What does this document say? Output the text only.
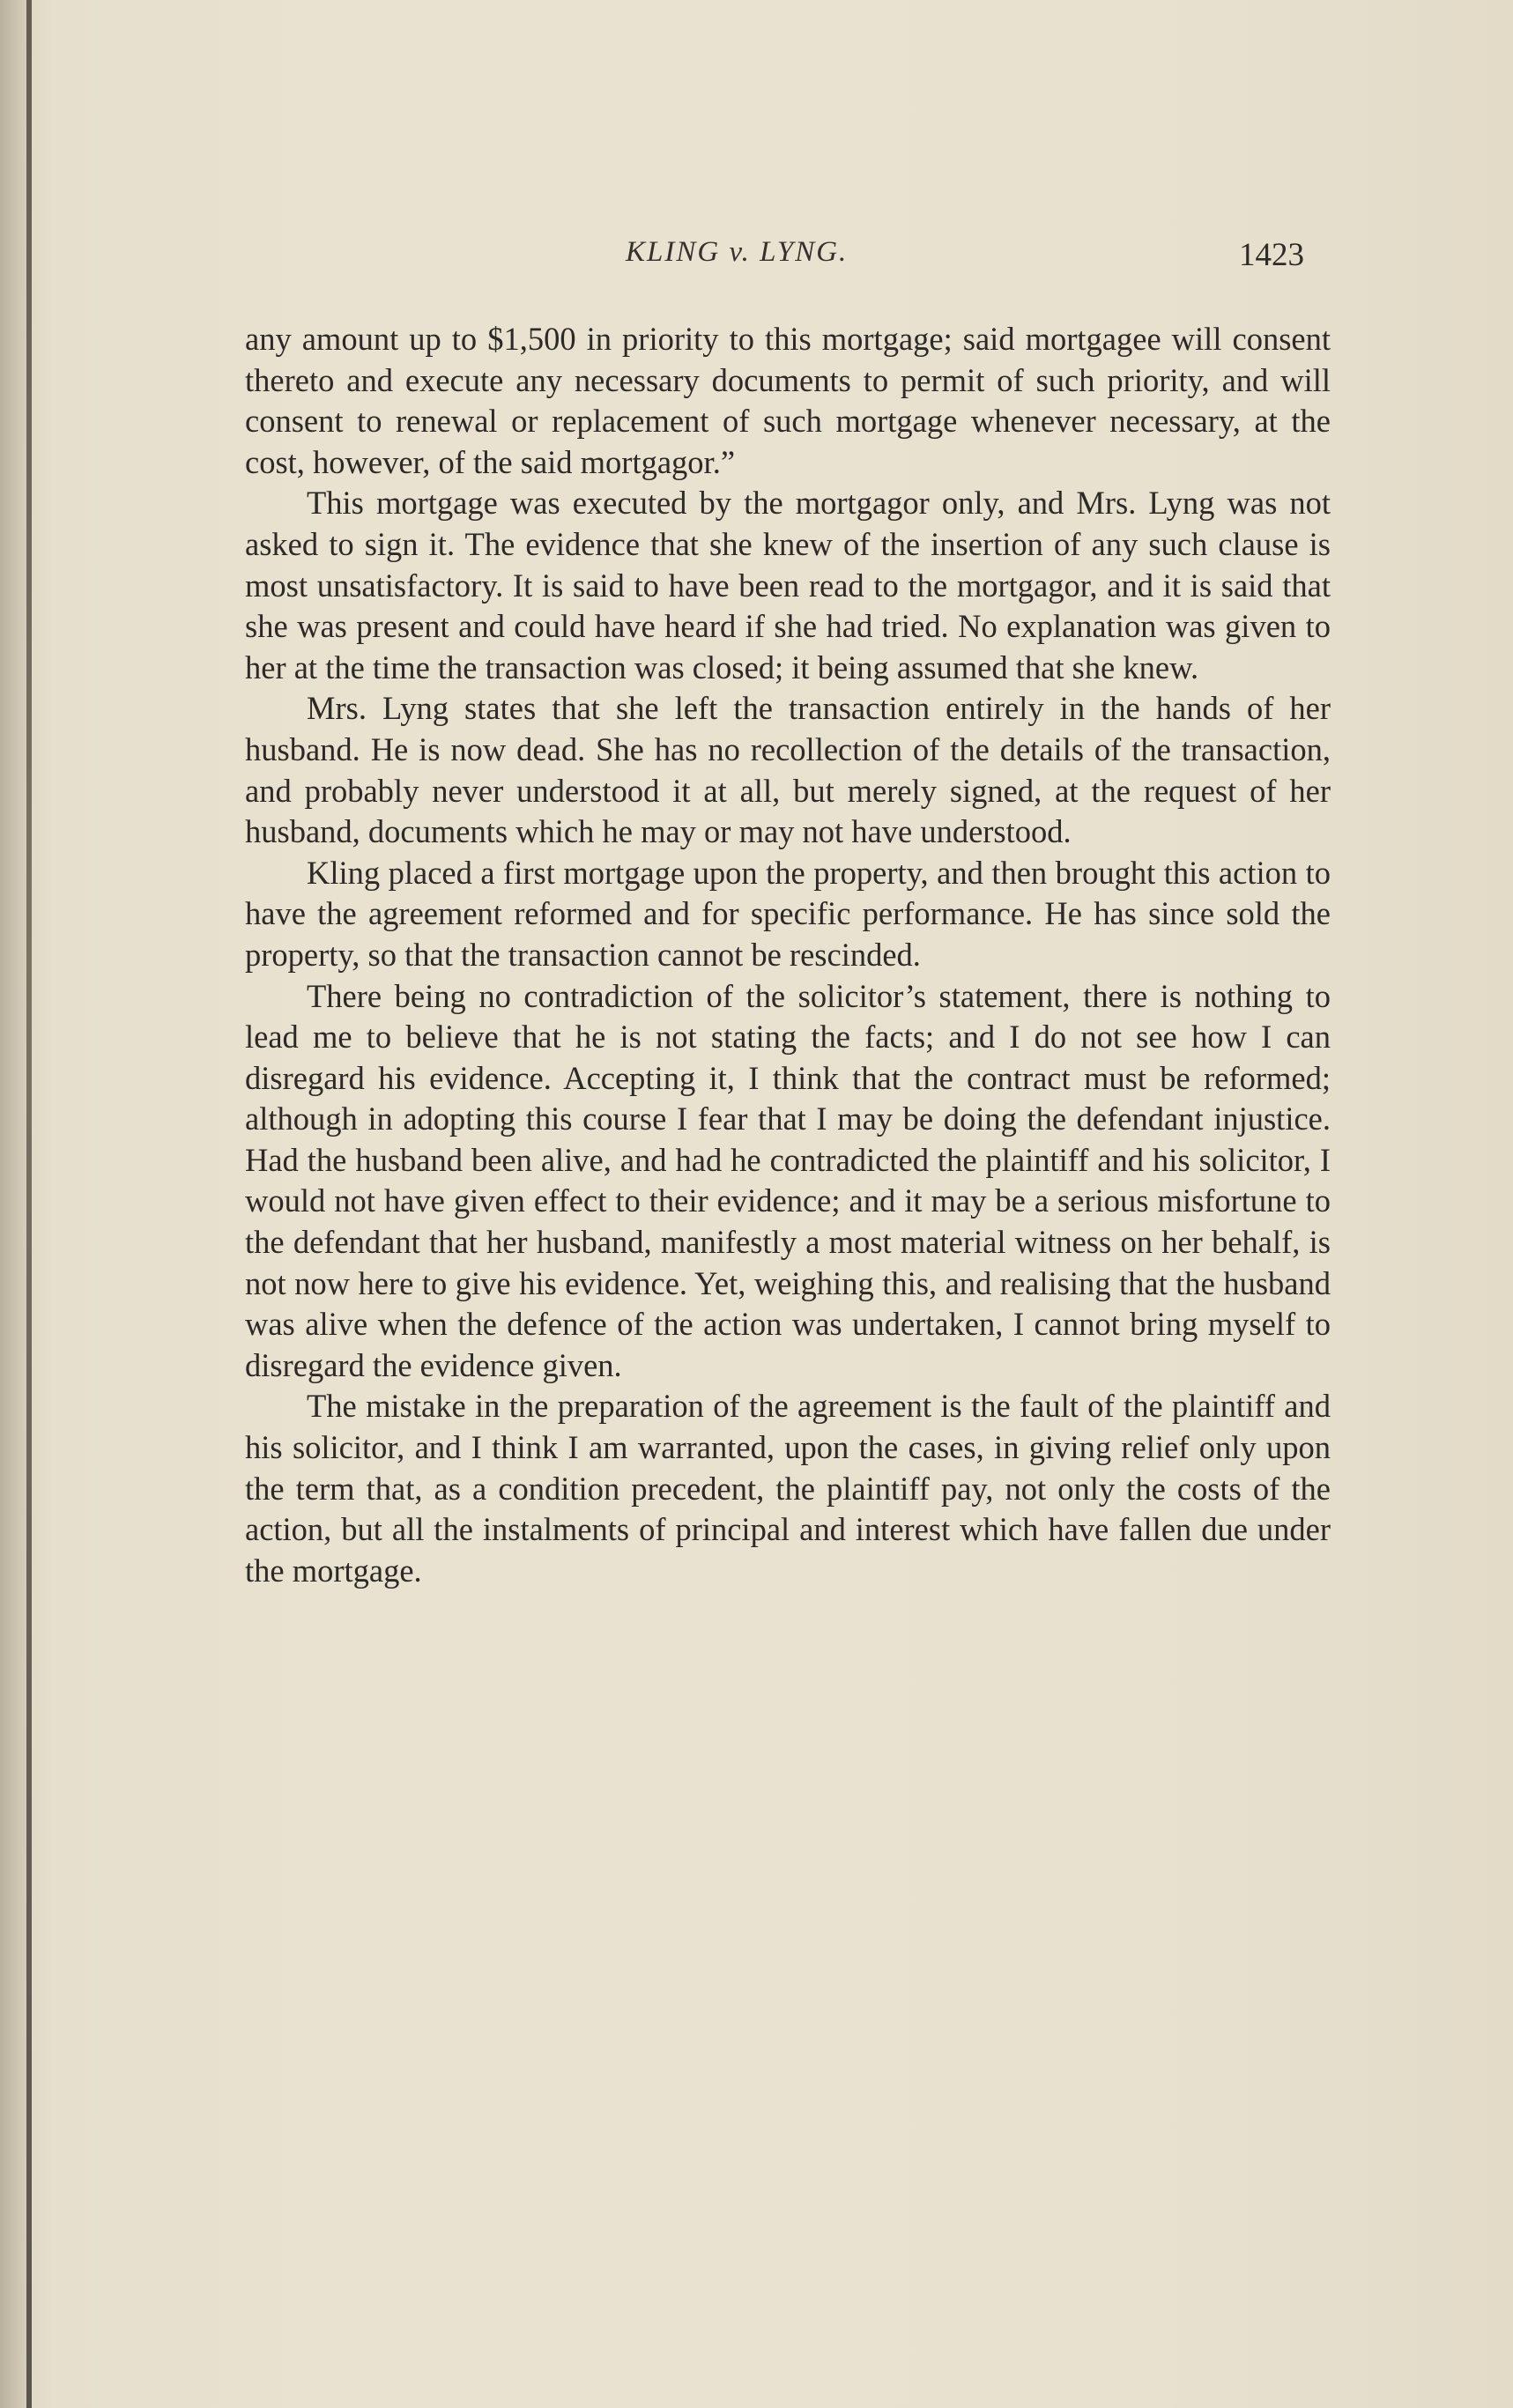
KLING v. LYNG.	1423

any amount up to $1,500 in priority to this mortgage; said mortgagee will consent thereto and execute any necessary documents to permit of such priority, and will consent to renewal or replacement of such mortgage whenever necessary, at the cost, however, of the said mortgagor.”

This mortgage was executed by the mortgagor only, and Mrs. Lyng was not asked to sign it. The evidence that she knew of the insertion of any such clause is most unsatisfactory. It is said to have been read to the mortgagor, and it is said that she was present and could have heard if she had tried. No explanation was given to her at the time the transaction was closed; it being assumed that she knew.

Mrs. Lyng states that she left the transaction entirely in the hands of her husband. He is now dead. She has no recollection of the details of the transaction, and probably never understood it at all, but merely signed, at the request of her husband, documents which he may or may not have understood.

Kling placed a first mortgage upon the property, and then brought this action to have the agreement reformed and for specific performance. He has since sold the property, so that the transaction cannot be rescinded.

There being no contradiction of the solicitor’s statement, there is nothing to lead me to believe that he is not stating the facts; and I do not see how I can disregard his evidence. Accepting it, I think that the contract must be reformed; although in adopting this course I fear that I may be doing the defendant injustice. Had the husband been alive, and had he contradicted the plaintiff and his solicitor, I would not have given effect to their evidence; and it may be a serious misfortune to the defendant that her husband, manifestly a most material witness on her behalf, is not now here to give his evidence. Yet, weighing this, and realising that the husband was alive when the defence of the action was undertaken, I cannot bring myself to disregard the evidence given.

The mistake in the preparation of the agreement is the fault of the plaintiff and his solicitor, and I think I am warranted, upon the cases, in giving relief only upon the term that, as a condition precedent, the plaintiff pay, not only the costs of the action, but all the instalments of principal and interest which have fallen due under the mortgage.
